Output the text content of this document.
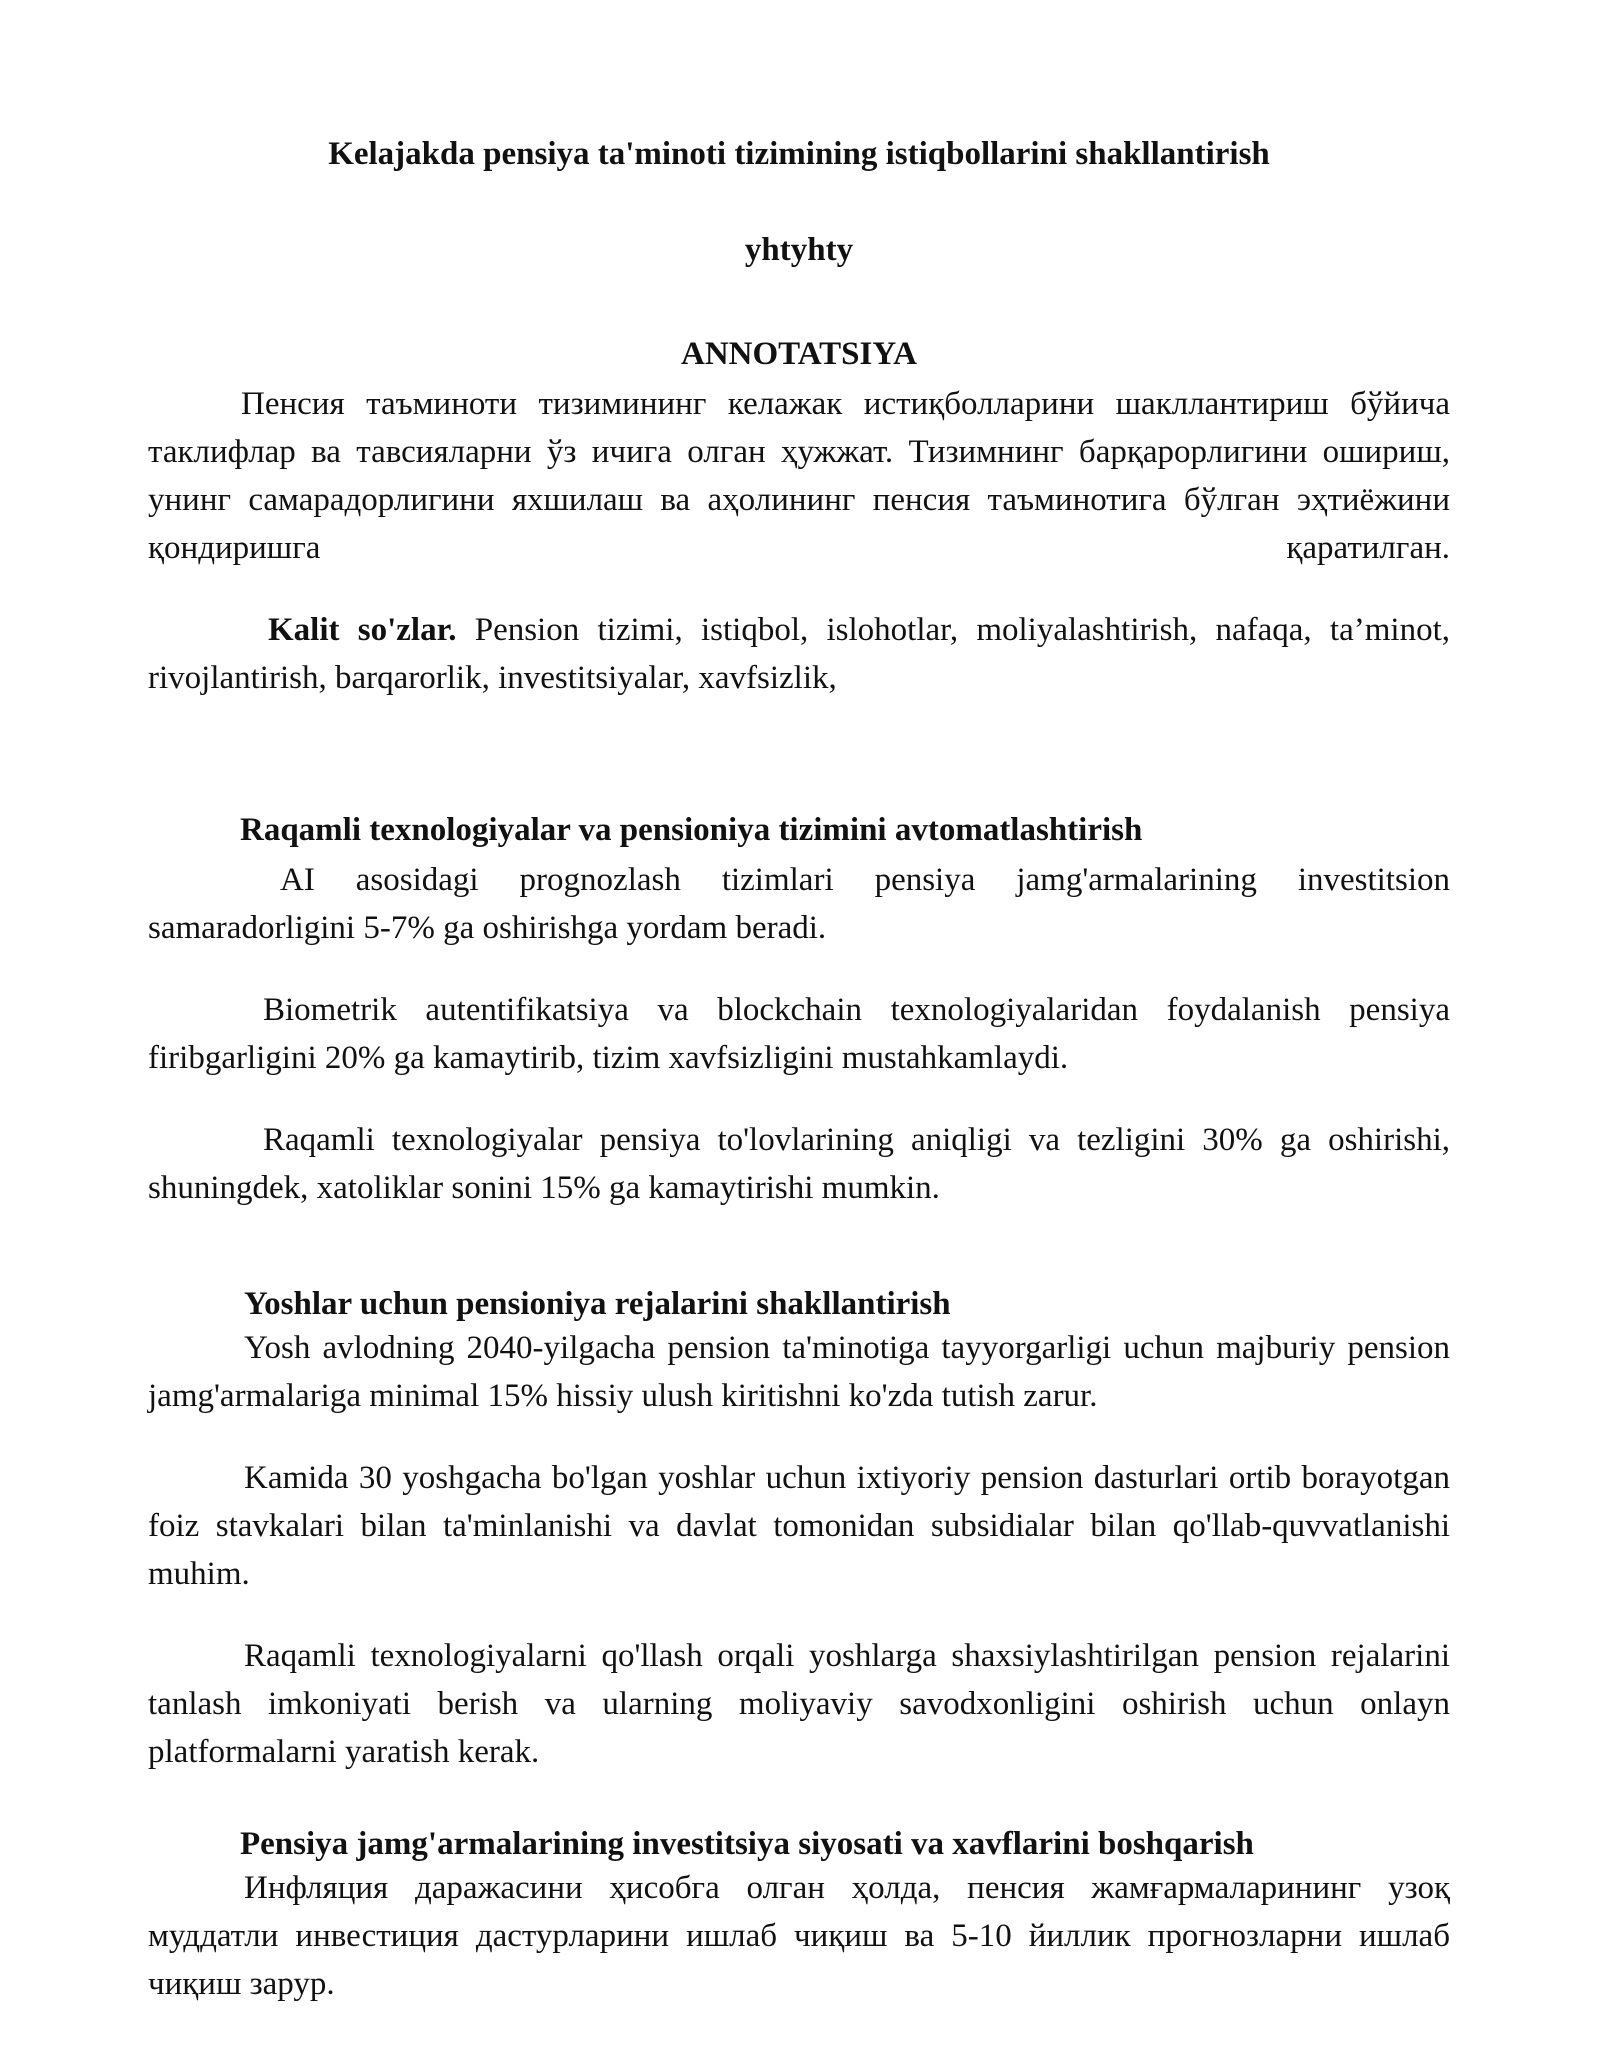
Kelajakda pensiya ta'minoti tizimining istiqbollarini shakllantirish
yhtyhty
ANNOTATSIYA
Пенсия таъминоти тизимининг келажак истиқболларини шакллантириш бўйича таклифлар ва тавсияларни ўз ичига олган ҳужжат. Тизимнинг барқарорлигини ошириш, унинг самарадорлигини яхшилаш ва аҳолининг пенсия таъминотига бўлган эҳтиёжини қондиришга қаратилган.
Kalit so'zlar. Pension tizimi, istiqbol, islohotlar, moliyalashtirish, nafaqa, ta’minot, rivojlantirish, barqarorlik, investitsiyalar, xavfsizlik,
Raqamli texnologiyalar va pensioniya tizimini avtomatlashtirish
AI asosidagi prognozlash tizimlari pensiya jamg'armalarining investitsion samaradorligini 5-7% ga oshirishga yordam beradi.
Biometrik autentifikatsiya va blockchain texnologiyalaridan foydalanish pensiya firibgarligini 20% ga kamaytirib, tizim xavfsizligini mustahkamlaydi.
Raqamli texnologiyalar pensiya to'lovlarining aniqligi va tezligini 30% ga oshirishi, shuningdek, xatoliklar sonini 15% ga kamaytirishi mumkin.
Yoshlar uchun pensioniya rejalarini shakllantirish
Yosh avlodning 2040-yilgacha pension ta'minotiga tayyorgarligi uchun majburiy pension jamg'armalariga minimal 15% hissiy ulush kiritishni ko'zda tutish zarur.
Kamida 30 yoshgacha bo'lgan yoshlar uchun ixtiyoriy pension dasturlari ortib borayotgan foiz stavkalari bilan ta'minlanishi va davlat tomonidan subsidialar bilan qo'llab-quvvatlanishi muhim.
Raqamli texnologiyalarni qo'llash orqali yoshlarga shaxsiylashtirilgan pension rejalarini tanlash imkoniyati berish va ularning moliyaviy savodxonligini oshirish uchun onlayn platformalarni yaratish kerak.
Pensiya jamg'armalarining investitsiya siyosati va xavflarini boshqarish
Инфляция даражасини ҳисобга олган ҳолда, пенсия жамғармаларининг узоқ муддатли инвестиция дастурларини ишлаб чиқиш ва 5-10 йиллик прогнозларни ишлаб чиқиш зарур.
